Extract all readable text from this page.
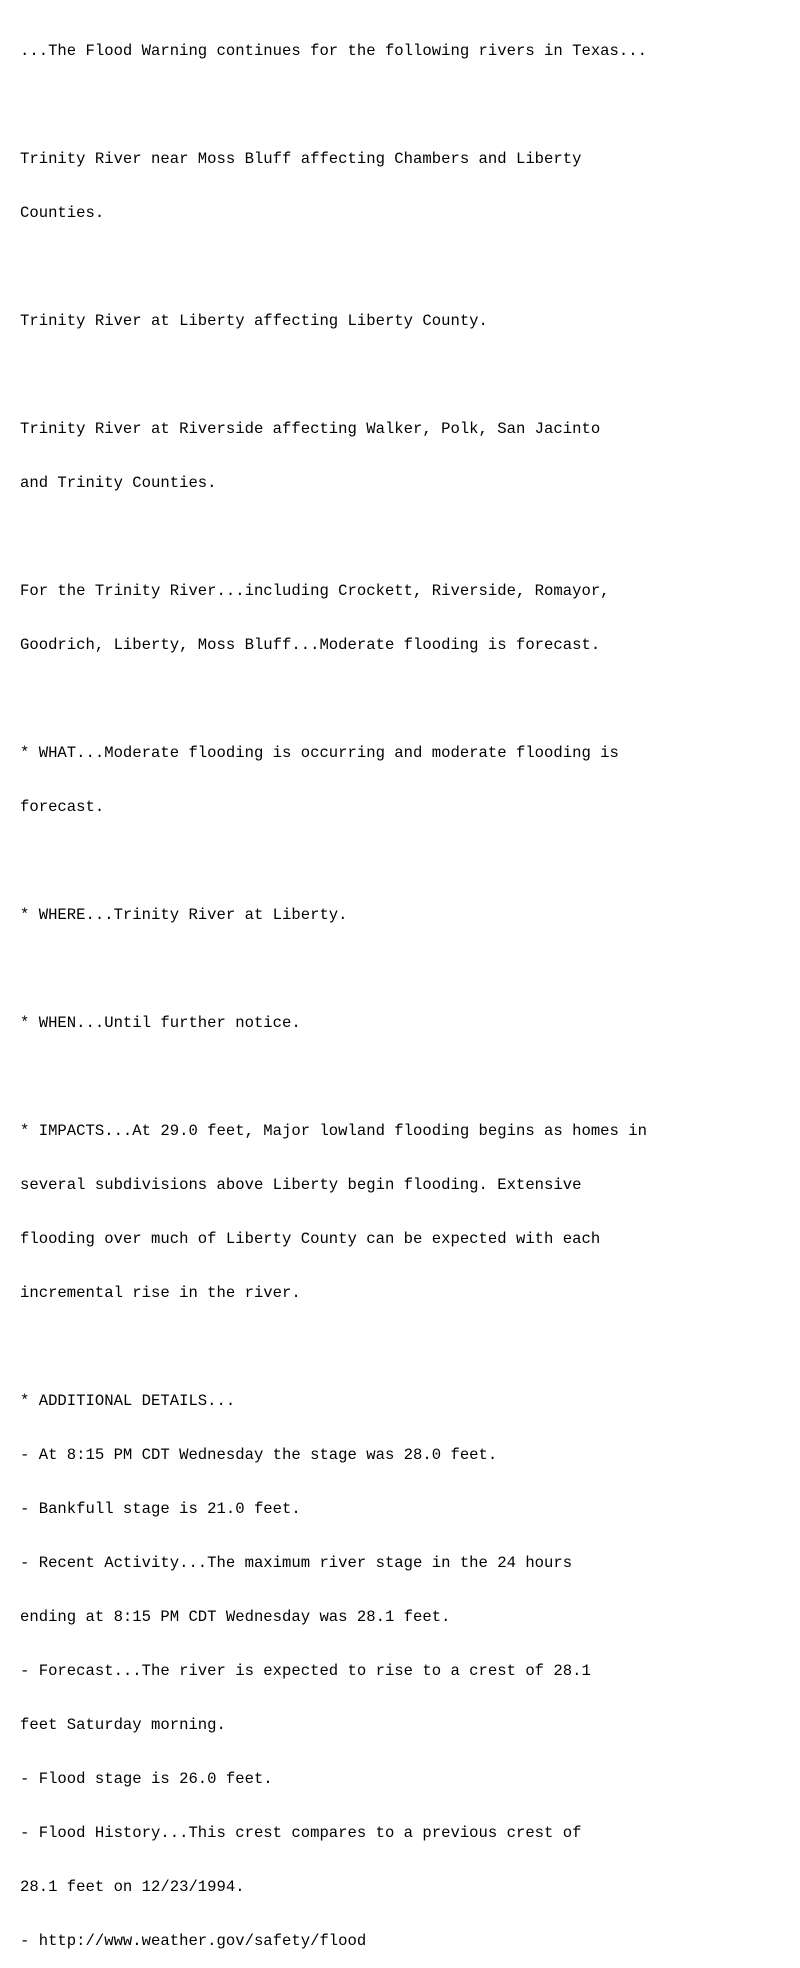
...The Flood Warning continues for the following rivers in Texas...

Trinity River near Moss Bluff affecting Chambers and Liberty

Counties.

Trinity River at Liberty affecting Liberty County.

Trinity River at Riverside affecting Walker, Polk, San Jacinto

and Trinity Counties.

For the Trinity River...including Crockett, Riverside, Romayor,

Goodrich, Liberty, Moss Bluff...Moderate flooding is forecast.

* WHAT...Moderate flooding is occurring and moderate flooding is

forecast.

* WHERE...Trinity River at Liberty.

* WHEN...Until further notice.

* IMPACTS...At 29.0 feet, Major lowland flooding begins as homes in

several subdivisions above Liberty begin flooding. Extensive

flooding over much of Liberty County can be expected with each

incremental rise in the river.

* ADDITIONAL DETAILS...

- At 8:15 PM CDT Wednesday the stage was 28.0 feet.

- Bankfull stage is 21.0 feet.

- Recent Activity...The maximum river stage in the 24 hours

ending at 8:15 PM CDT Wednesday was 28.1 feet.

- Forecast...The river is expected to rise to a crest of 28.1

feet Saturday morning.

- Flood stage is 26.0 feet.

- Flood History...This crest compares to a previous crest of

28.1 feet on 12/23/1994.

- http://www.weather.gov/safety/flood
